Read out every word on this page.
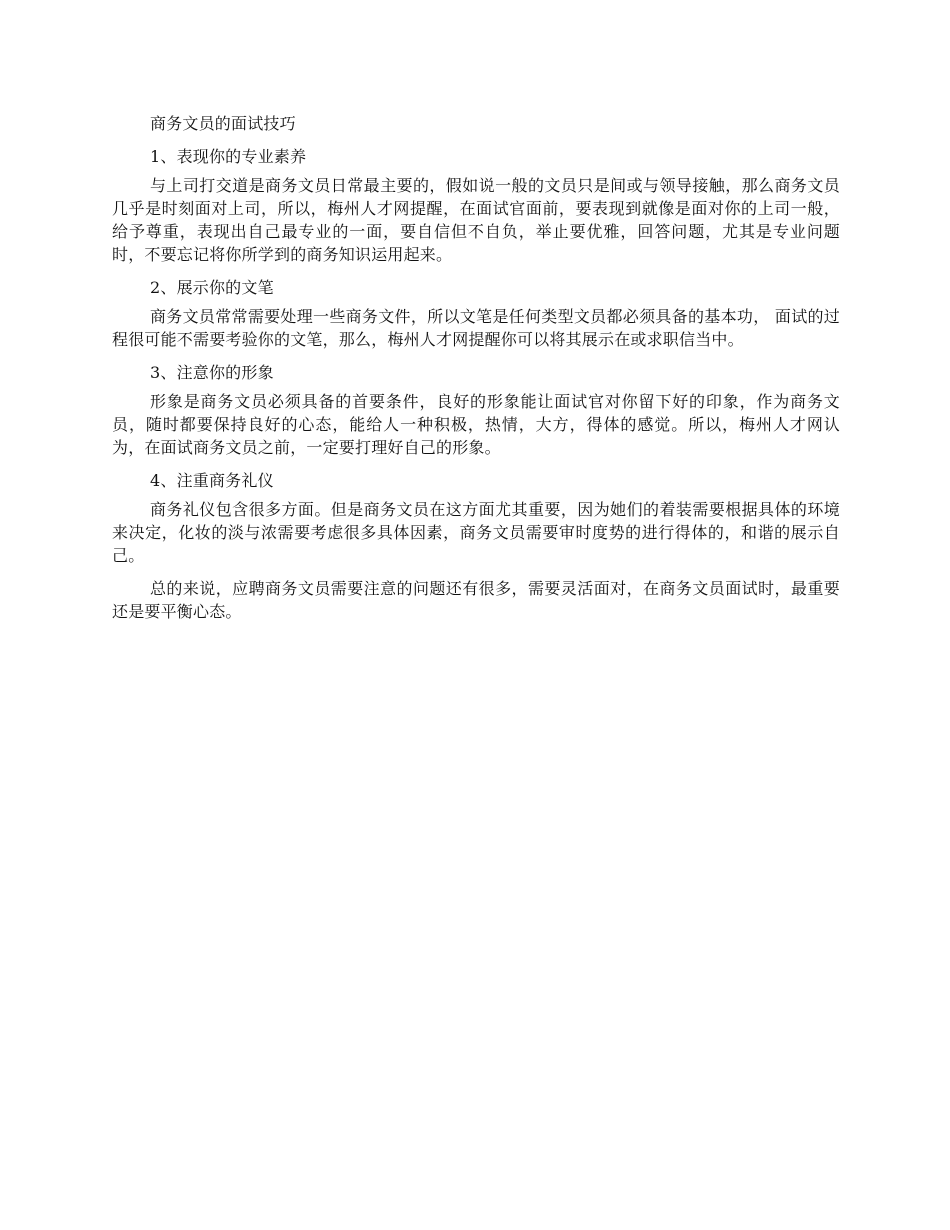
商务文员的面试技巧

1、表现你的专业素养

与上司打交道是商务文员日常最主要的，假如说一般的文员只是间或与领导接触，那么商务文员几乎是时刻面对上司，所以，梅州人才网提醒，在面试官面前，要表现到就像是面对你的上司一般，给予尊重，表现出自己最专业的一面，要自信但不自负，举止要优雅，回答问题，尤其是专业问题时，不要忘记将你所学到的商务知识运用起来。

2、展示你的文笔

商务文员常常需要处理一些商务文件，所以文笔是任何类型文员都必须具备的基本功， 面试的过程很可能不需要考验你的文笔，那么，梅州人才网提醒你可以将其展示在或求职信当中。

3、注意你的形象

形象是商务文员必须具备的首要条件，良好的形象能让面试官对你留下好的印象，作为商务文员，随时都要保持良好的心态，能给人一种积极，热情，大方，得体的感觉。所以，梅州人才网认为，在面试商务文员之前，一定要打理好自己的形象。

4、注重商务礼仪

商务礼仪包含很多方面。但是商务文员在这方面尤其重要，因为她们的着装需要根据具体的环境来决定，化妆的淡与浓需要考虑很多具体因素，商务文员需要审时度势的进行得体的，和谐的展示自己。

总的来说，应聘商务文员需要注意的问题还有很多，需要灵活面对，在商务文员面试时，最重要还是要平衡心态。
